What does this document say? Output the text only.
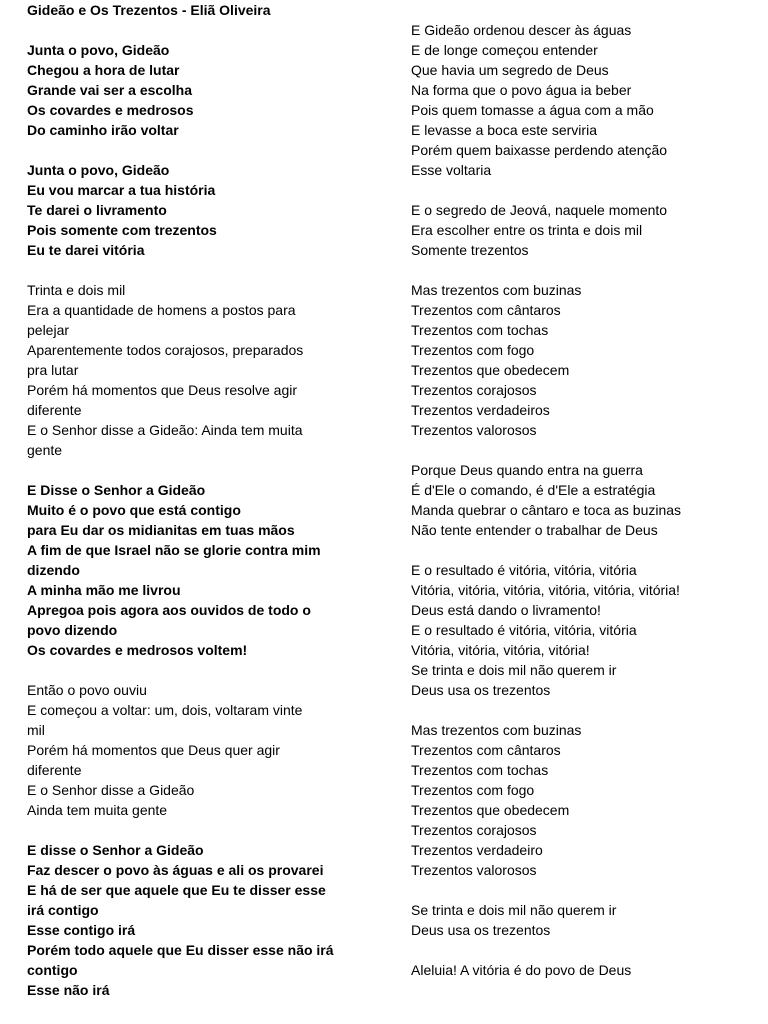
Gideão e Os Trezentos - Eliã Oliveira
Junta o povo, Gideão
Chegou a hora de lutar
Grande vai ser a escolha
Os covardes e medrosos
Do caminho irão voltar
Junta o povo, Gideão
Eu vou marcar a tua história
Te darei o livramento
Pois somente com trezentos
Eu te darei vitória
Trinta e dois mil
Era a quantidade de homens a postos para
pelejar
Aparentemente todos corajosos, preparados
pra lutar
Porém há momentos que Deus resolve agir
diferente
E o Senhor disse a Gideão: Ainda tem muita
gente
E Disse o Senhor a Gideão
Muito é o povo que está contigo
para Eu dar os midianitas em tuas mãos
A fim de que Israel não se glorie contra mim
dizendo
A minha mão me livrou
Apregoa pois agora aos ouvidos de todo o
povo dizendo
Os covardes e medrosos voltem!
Então o povo ouviu
E começou a voltar: um, dois, voltaram vinte
mil
Porém há momentos que Deus quer agir
diferente
E o Senhor disse a Gideão
Ainda tem muita gente
E disse o Senhor a Gideão
Faz descer o povo às águas e ali os provarei
E há de ser que aquele que Eu te disser esse
irá contigo
Esse contigo irá
Porém todo aquele que Eu disser esse não irá
contigo
Esse não irá
E Gideão ordenou descer às águas
E de longe começou entender
Que havia um segredo de Deus
Na forma que o povo água ia beber
Pois quem tomasse a água com a mão
E levasse a boca este serviria
Porém quem baixasse perdendo atenção
Esse voltaria
E o segredo de Jeová, naquele momento
Era escolher entre os trinta e dois mil
Somente trezentos
Mas trezentos com buzinas
Trezentos com cântaros
Trezentos com tochas
Trezentos com fogo
Trezentos que obedecem
Trezentos corajosos
Trezentos verdadeiros
Trezentos valorosos
Porque Deus quando entra na guerra
É d'Ele o comando, é d'Ele a estratégia
Manda quebrar o cântaro e toca as buzinas
Não tente entender o trabalhar de Deus
E o resultado é vitória, vitória, vitória
Vitória, vitória, vitória, vitória, vitória, vitória!
Deus está dando o livramento!
E o resultado é vitória, vitória, vitória
Vitória, vitória, vitória, vitória!
Se trinta e dois mil não querem ir
Deus usa os trezentos
Mas trezentos com buzinas
Trezentos com cântaros
Trezentos com tochas
Trezentos com fogo
Trezentos que obedecem
Trezentos corajosos
Trezentos verdadeiro
Trezentos valorosos
Se trinta e dois mil não querem ir
Deus usa os trezentos
Aleluia! A vitória é do povo de Deus
